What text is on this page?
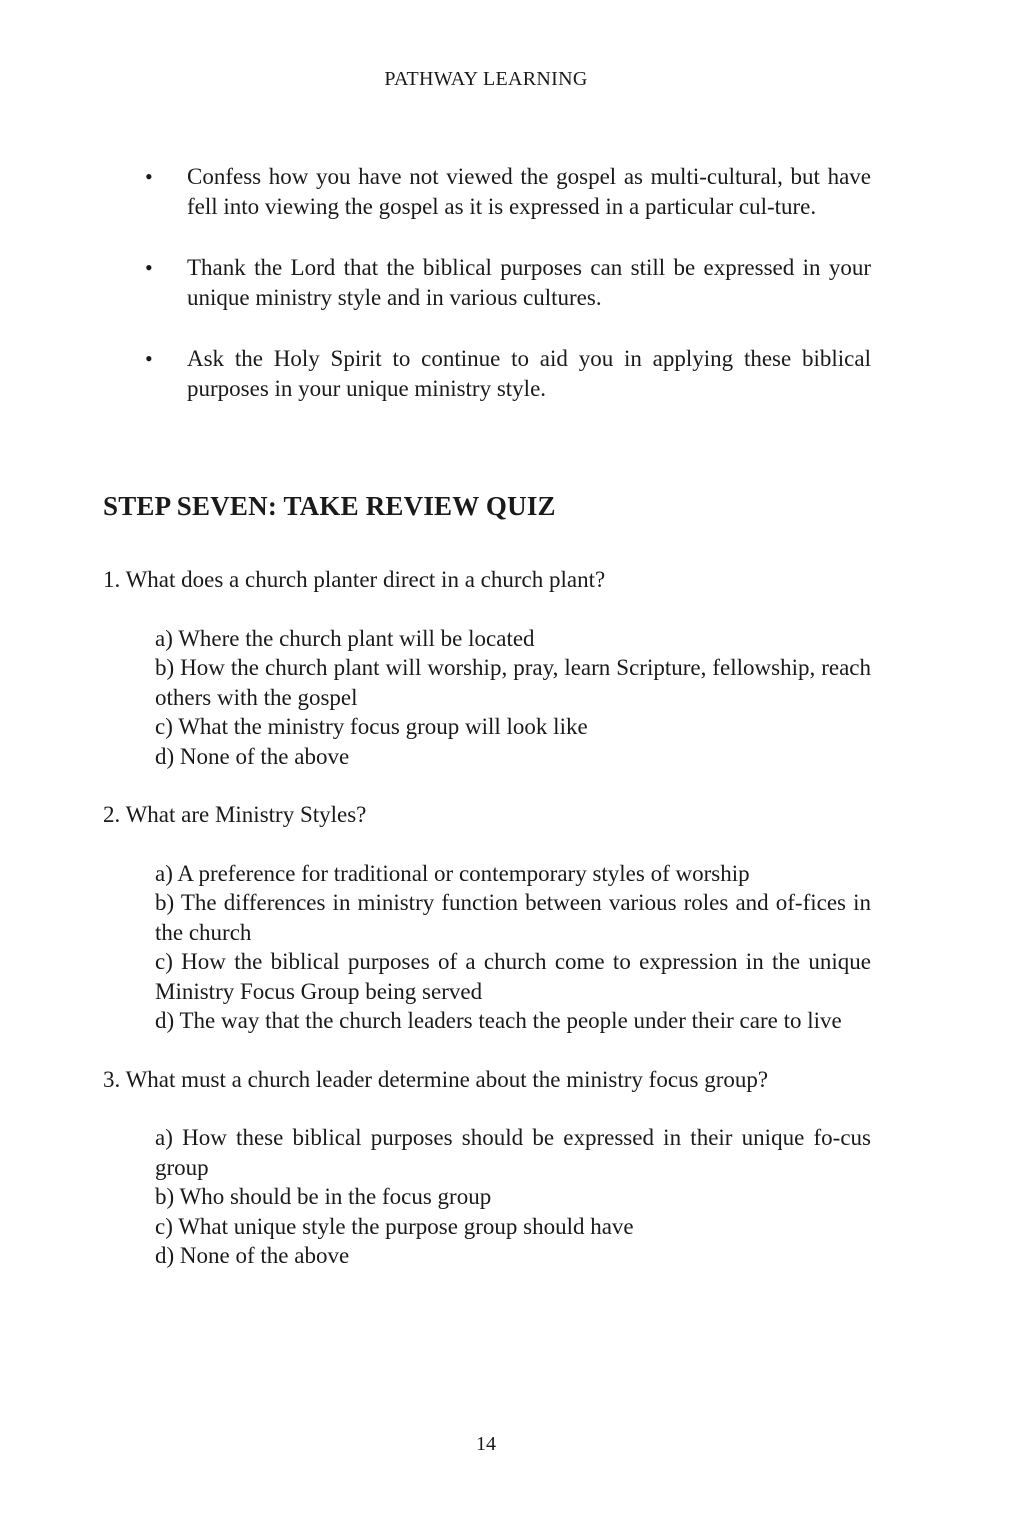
PATHWAY LEARNING
• Confess how you have not viewed the gospel as multi-cultural, but have fell into viewing the gospel as it is expressed in a particular cul-ture.
• Thank the Lord that the biblical purposes can still be expressed in your unique ministry style and in various cultures.
• Ask the Holy Spirit to continue to aid you in applying these biblical purposes in your unique ministry style.
STEP SEVEN: TAKE REVIEW QUIZ
1. What does a church planter direct in a church plant?
a) Where the church plant will be located
b) How the church plant will worship, pray, learn Scripture, fellowship, reach others with the gospel
c) What the ministry focus group will look like
d) None of the above
2. What are Ministry Styles?
a) A preference for traditional or contemporary styles of worship
b) The differences in ministry function between various roles and of-fices in the church
c) How the biblical purposes of a church come to expression in the unique Ministry Focus Group being served
d) The way that the church leaders teach the people under their care to live
3. What must a church leader determine about the ministry focus group?
a) How these biblical purposes should be expressed in their unique fo-cus group
b) Who should be in the focus group
c) What unique style the purpose group should have
d) None of the above
14
